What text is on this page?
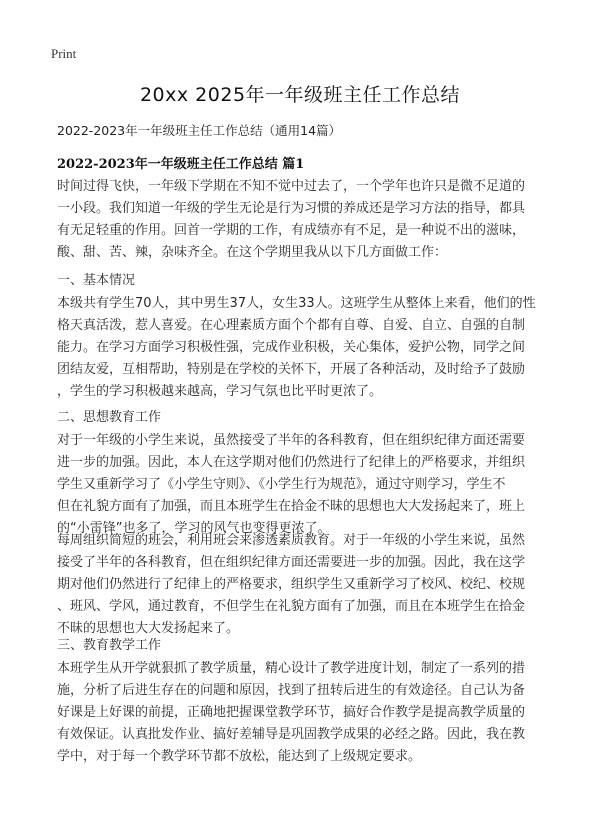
Print
20xx 2025年一年级班主任工作总结
2022-2023年一年级班主任工作总结（通用14篇）
2022-2023年一年级班主任工作总结 篇1
时间过得飞快，一年级下学期在不知不觉中过去了，一个学年也许只是微不足道的
一小段。我们知道一年级的学生无论是行为习惯的养成还是学习方法的指导，都具
有无足轻重的作用。回首一学期的工作，有成绩亦有不足，是一种说不出的滋味，
酸、甜、苦、辣，杂味齐全。在这个学期里我从以下几方面做工作：
一、基本情况
本级共有学生70人，其中男生37人，女生33人。这班学生从整体上来看，他们的性
格天真活泼，惹人喜爱。在心理素质方面个个都有自尊、自爱、自立、自强的自制
能力。在学习方面学习积极性强，完成作业积极，关心集体，爱护公物，同学之间
团结友爱，互相帮助，特别是在学校的关怀下，开展了各种活动，及时给予了鼓励
，学生的学习积极越来越高，学习气氛也比平时更浓了。
二、思想教育工作
对于一年级的小学生来说，虽然接受了半年的各科教育，但在组织纪律方面还需要
进一步的加强。因此，本人在这学期对他们仍然进行了纪律上的严格要求，并组织
学生又重新学习了《小学生守则》、《小学生行为规范》，通过守则学习，学生不
但在礼貌方面有了加强，而且本班学生在拾金不昧的思想也大大发扬起来了，班上
的“小雷锋”也多了，学习的风气也变得更浓了。
每周组织简短的班会，利用班会来渗透素质教育。对于一年级的小学生来说，虽然
接受了半年的各科教育，但在组织纪律方面还需要进一步的加强。因此，我在这学
期对他们仍然进行了纪律上的严格要求，组织学生又重新学习了校风、校纪、校规
、班风、学风，通过教育，不但学生在礼貌方面有了加强，而且在本班学生在拾金
不昧的思想也大大发扬起来了。
三、教育教学工作
本班学生从开学就狠抓了教学质量，精心设计了教学进度计划，制定了一系列的措
施，分析了后进生存在的问题和原因，找到了扭转后进生的有效途径。自己认为备
好课是上好课的前提，正确地把握课堂教学环节，搞好合作教学是提高教学质量的
有效保证。认真批发作业、搞好差辅导是巩固教学成果的必经之路。因此，我在教
学中，对于每一个教学环节都不放松，能达到了上级规定要求。
